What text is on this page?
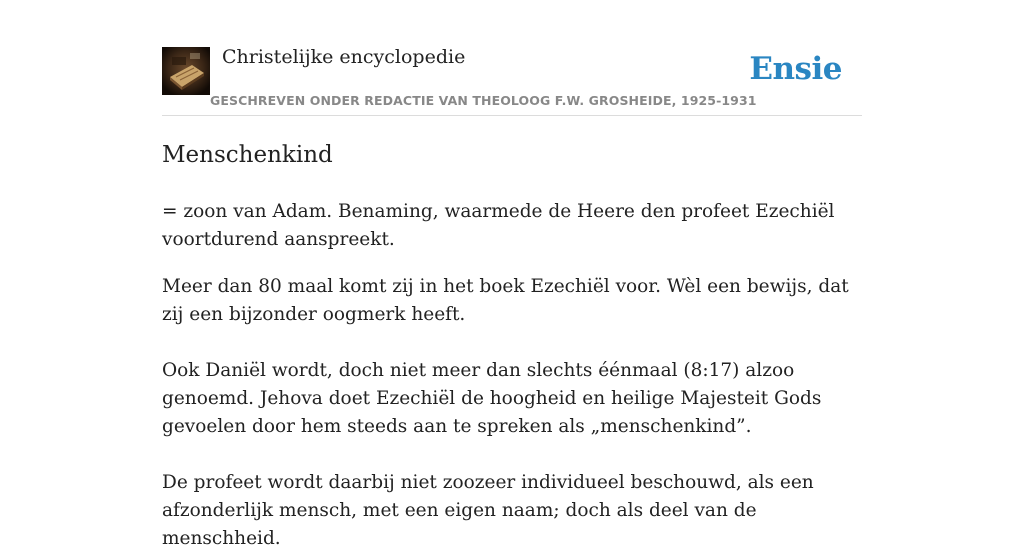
Christelijke encyclopedie
GESCHREVEN ONDER REDACTIE VAN THEOLOOG F.W. GROSHEIDE, 1925-1931
Ensie
Menschenkind

= zoon van Adam. Benaming, waarmede de Heere den profeet Ezechiël voortdurend aanspreekt.

Meer dan 80 maal komt zij in het boek Ezechiël voor. Wèl een bewijs, dat zij een bijzonder oogmerk heeft.

Ook Daniël wordt, doch niet meer dan slechts éénmaal (8:17) alzoo genoemd. Jehova doet Ezechiël de hoogheid en heilige Majesteit Gods gevoelen door hem steeds aan te spreken als „menschenkind”.

De profeet wordt daarbij niet zoozeer individueel beschouwd, als een afzonderlijk mensch, met een eigen naam; doch als deel van de menschheid.
